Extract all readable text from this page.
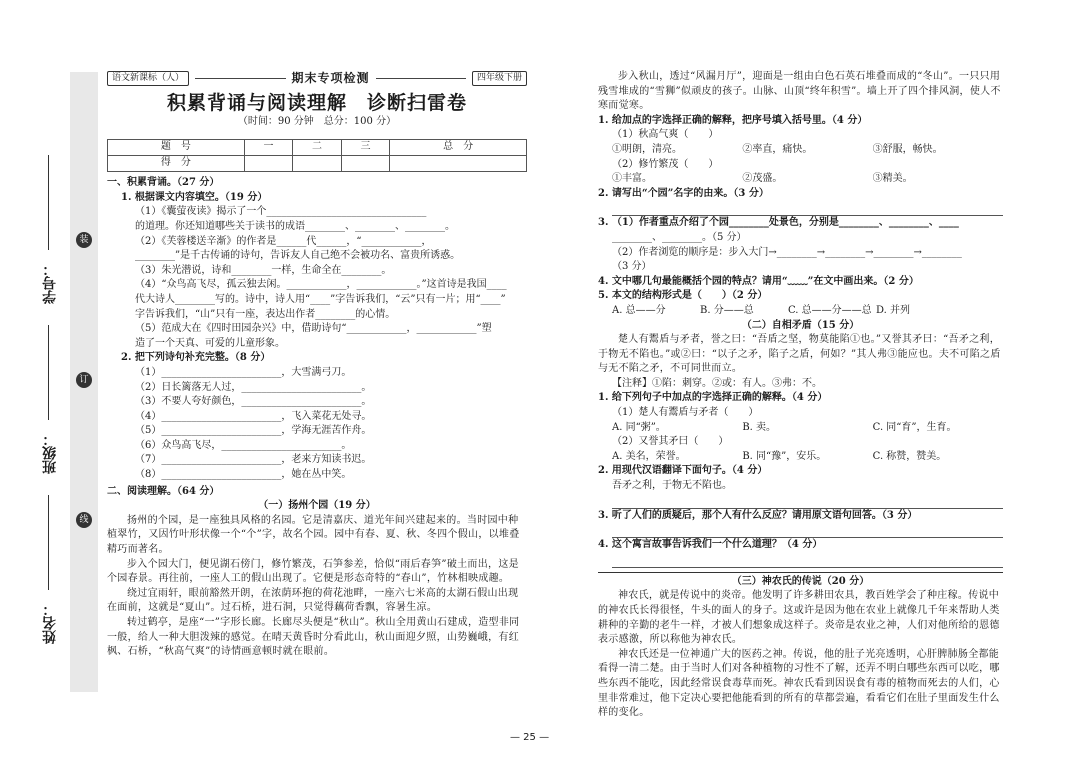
装
订
线
学号：
班级：
姓名：
语文新课标（人）	期末专项检测	四年级下册
积累背诵与阅读理解　诊断扫雷卷
（时间：90 分钟　总分：100 分）
题　号	一	二	三	总　分
得　分				
一、积累背诵。（27 分）
1. 根据课文内容填空。（19 分）
（1）《囊萤夜读》揭示了一个________________________________
的道理。你还知道哪些关于读书的成语________、________、________。
（2）《芙蓉楼送辛渐》的作者是______代______，“____________，
________”是千古传诵的诗句，告诉友人自己绝不会被功名、富贵所诱惑。
（3）朱光潜说，诗和________一样，生命全在________。
（4）“众鸟高飞尽，孤云独去闲。____________，____________。”这首诗是我国____
代大诗人________写的。诗中，诗人用“____”字告诉我们，“云”只有一片；用“____”
字告诉我们，“山”只有一座，表达出作者________的心情。
（5）范成大在《四时田园杂兴》中，借助诗句“____________，____________”塑
造了一个天真、可爱的儿童形象。
2. 把下列诗句补充完整。（8 分）
（1）________________________，大雪满弓刀。
（2）日长篱落无人过，________________________。
（3）不要人夸好颜色，________________________。
（4）________________________，飞入菜花无处寻。
（5）________________________，学海无涯苦作舟。
（6）众鸟高飞尽，________________________。
（7）________________________，老来方知读书迟。
（8）________________________，她在丛中笑。
二、阅读理解。（64 分）
（一）扬州个园（19 分）
扬州的个园，是一座独具风格的名园。它是清嘉庆、道光年间兴建起来的。当时园中种植翠竹，又因竹叶形状像一个“个”字，故名个园。园中有春、夏、秋、冬四个假山，以堆叠精巧而著名。
步入个园大门，便见湖石傍门，修竹繁茂，石笋参差，恰似“雨后春笋”破土而出，这是个园春景。再往前，一座人工的假山出现了。它便是形态奇特的“春山”，竹林相映成趣。
绕过宜雨轩，眼前豁然开朗，在浓荫环抱的荷花池畔，一座六七米高的太湖石假山出现在面前，这就是“夏山”。过石桥，进石洞，只觉得藕荷香飘，容暑生凉。
转过鹤亭，是座“一”字形长廊。长廊尽头便是“秋山”。秋山全用黄山石建成，造型非同一般，给人一种大胆泼辣的感觉。在晴天黄昏时分看此山，秋山面迎夕照，山势巍峨，有红枫、石桥，“秋高气爽”的诗情画意顿时就在眼前。
步入秋山，透过“风漏月厅”，迎面是一组由白色石英石堆叠而成的“冬山”。一只只用残雪堆成的“雪狮”似顽皮的孩子。山脉、山顶“终年积雪”。墙上开了四个排风洞，使人不寒而觉寒。
1. 给加点的字选择正确的解释，把序号填入括号里。（4 分）
（1）秋高气爽（　　）
①明朗，清亮。	②率直，痛快。	③舒服，畅快。
（2）修竹繁茂（　　）
①丰富。	②茂盛。	③精美。
2. 请写出“个园”名字的由来。（3 分）
3. （1）作者重点介绍了个园________处景色，分别是________、________、____
________、________。（5 分）
（2）作者浏览的顺序是：步入大门→________→________→________→________
（3 分）
4. 文中哪几句最能概括个园的特点？请用“﹏﹏”在文中画出来。（2 分）
5. 本文的结构形式是（　　）（2 分）
A. 总——分	B. 分——总	C. 总——分——总 D. 并列
（二）自相矛盾（15 分）
楚人有鬻盾与矛者，誉之曰：“吾盾之坚，物莫能陷①也。”又誉其矛曰：“吾矛之利，于物无不陷也。”或②曰：“以子之矛，陷子之盾，何如？”其人弗③能应也。夫不可陷之盾与无不陷之矛，不可同世而立。
【注释】①陷：刺穿。②或：有人。③弗：不。
1. 给下列句子中加点的字选择正确的解释。（4 分）
（1）楚人有鬻盾与矛者（　　）
A. 同“粥”。	B. 卖。	C. 同“育”，生育。
（2）又誉其矛曰（　　）
A. 美名，荣誉。	B. 同“豫”，安乐。	C. 称赞，赞美。
2. 用现代汉语翻译下面句子。（4 分）
吾矛之利，于物无不陷也。
3. 听了人们的质疑后，那个人有什么反应？请用原文语句回答。（3 分）
4. 这个寓言故事告诉我们一个什么道理？（4 分）
（三）神农氏的传说（20 分）
神农氏，就是传说中的炎帝。他发明了许多耕田农具，教百姓学会了种庄稼。传说中的神农氏长得很怪，牛头的面人的身子。这或许是因为他在农业上就像几千年来帮助人类耕种的辛勤的老牛一样，才被人们想象成这样子。炎帝是农业之神，人们对他所给的恩德表示感激，所以称他为神农氏。
神农氏还是一位神通广大的医药之神。传说，他的肚子光亮透明，心肝脾肺肠全都能看得一清二楚。由于当时人们对各种植物的习性不了解，还弄不明白哪些东西可以吃，哪些东西不能吃，因此经常误食毒草而死。神农氏看到因误食有毒的植物而死去的人们，心里非常难过，他下定决心要把他能看到的所有的草都尝遍，看看它们在肚子里面发生什么样的变化。
— 25 —
